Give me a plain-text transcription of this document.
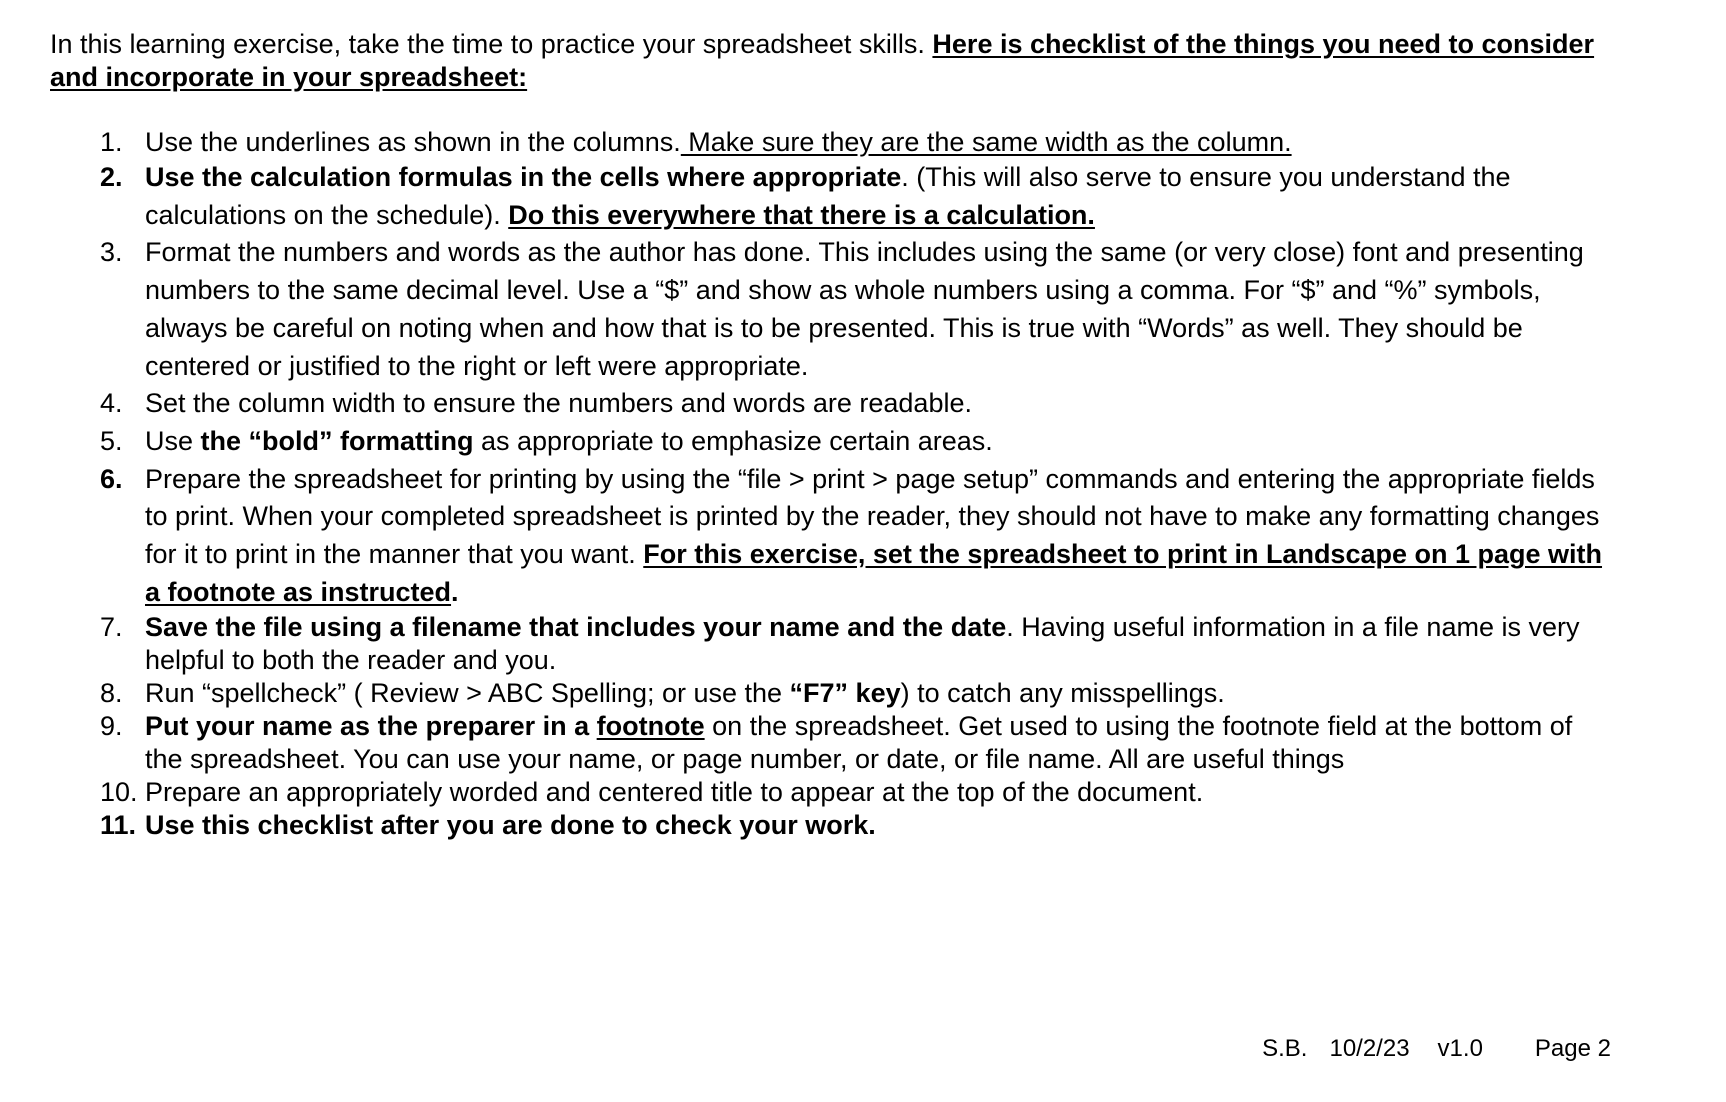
In this learning exercise, take the time to practice your spreadsheet skills. Here is checklist of the things you need to consider and incorporate in your spreadsheet:

1. Use the underlines as shown in the columns. Make sure they are the same width as the column.
2. Use the calculation formulas in the cells where appropriate. (This will also serve to ensure you understand the calculations on the schedule). Do this everywhere that there is a calculation.
3. Format the numbers and words as the author has done. This includes using the same (or very close) font and presenting numbers to the same decimal level. Use a “$” and show as whole numbers using a comma. For “$” and “%” symbols, always be careful on noting when and how that is to be presented. This is true with “Words” as well. They should be centered or justified to the right or left were appropriate.
4. Set the column width to ensure the numbers and words are readable.
5. Use the “bold” formatting as appropriate to emphasize certain areas.
6. Prepare the spreadsheet for printing by using the “file > print > page setup” commands and entering the appropriate fields to print. When your completed spreadsheet is printed by the reader, they should not have to make any formatting changes for it to print in the manner that you want. For this exercise, set the spreadsheet to print in Landscape on 1 page with a footnote as instructed.
7. Save the file using a filename that includes your name and the date. Having useful information in a file name is very helpful to both the reader and you.
8. Run “spellcheck” ( Review > ABC Spelling; or use the “F7” key) to catch any misspellings.
9. Put your name as the preparer in a footnote on the spreadsheet. Get used to using the footnote field at the bottom of the spreadsheet. You can use your name, or page number, or date, or file name. All are useful things
10. Prepare an appropriately worded and centered title to appear at the top of the document.
11. Use this checklist after you are done to check your work.
S.B. 10/2/23 v1.0 Page 2
